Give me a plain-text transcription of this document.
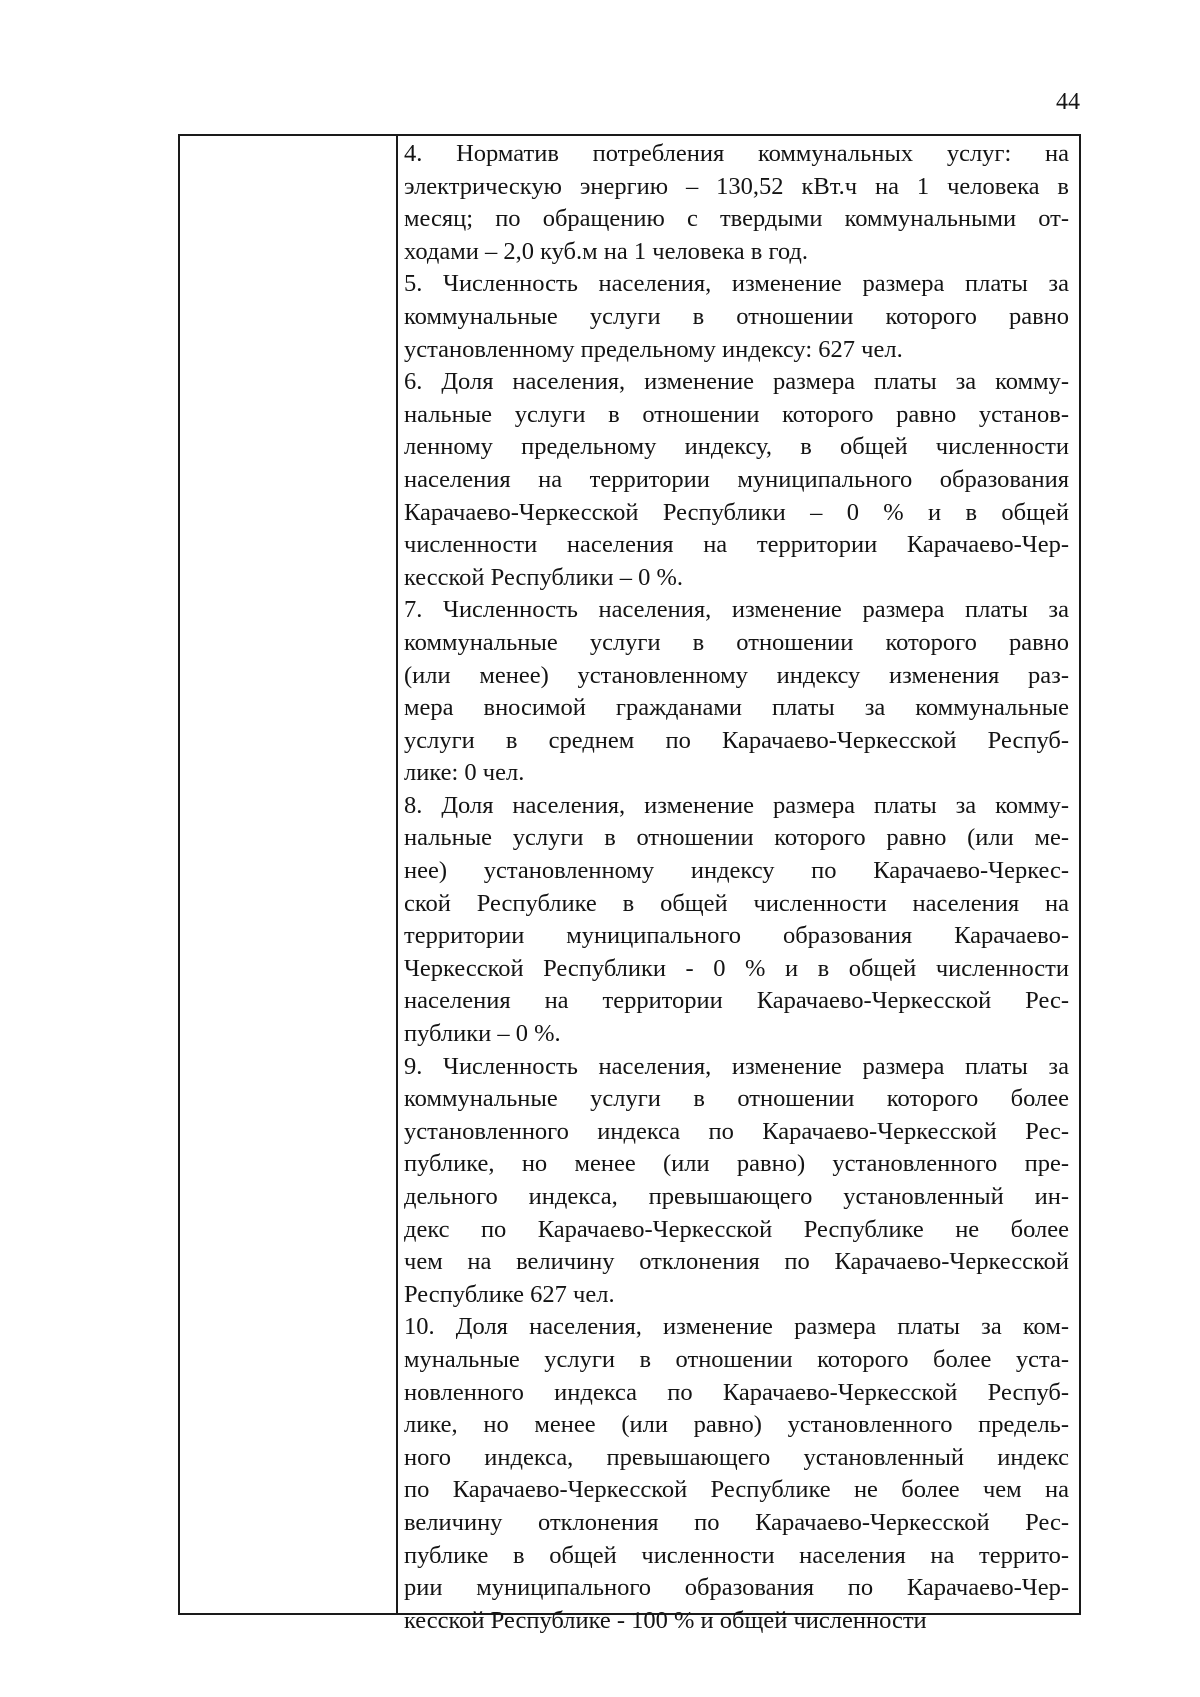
44

4. Норматив потребления коммунальных услуг: на
электрическую энергию – 130,52 кВт.ч на 1 человека в
месяц; по обращению с твердыми коммунальными от-
ходами – 2,0 куб.м на 1 человека в год.

5. Численность населения, изменение размера платы за
коммунальные услуги в отношении которого равно
установленному предельному индексу: 627 чел.

6. Доля населения, изменение размера платы за комму-
нальные услуги в отношении которого равно установ-
ленному предельному индексу, в общей численности
населения на территории муниципального образования
Карачаево-Черкесской Республики – 0 % и в общей
численности населения на территории Карачаево-Чер-
кесской Республики – 0 %.

7. Численность населения, изменение размера платы за
коммунальные услуги в отношении которого равно
(или менее) установленному индексу изменения раз-
мера вносимой гражданами платы за коммунальные
услуги в среднем по Карачаево-Черкесской Респуб-
лике: 0 чел.

8. Доля населения, изменение размера платы за комму-
нальные услуги в отношении которого равно (или ме-
нее) установленному индексу по Карачаево-Черкес-
ской Республике в общей численности населения на
территории муниципального образования Карачаево-
Черкесской Республики - 0 % и в общей численности
населения на территории Карачаево-Черкесской Рес-
публики – 0 %.

9. Численность населения, изменение размера платы за
коммунальные услуги в отношении которого более
установленного индекса по Карачаево-Черкесской Рес-
публике, но менее (или равно) установленного пре-
дельного индекса, превышающего установленный ин-
декс по Карачаево-Черкесской Республике не более
чем на величину отклонения по Карачаево-Черкесской
Республике 627 чел.

10. Доля населения, изменение размера платы за ком-
мунальные услуги в отношении которого более уста-
новленного индекса по Карачаево-Черкесской Респуб-
лике, но менее (или равно) установленного предель-
ного индекса, превышающего установленный индекс
по Карачаево-Черкесской Республике не более чем на
величину отклонения по Карачаево-Черкесской Рес-
публике в общей численности населения на террито-
рии муниципального образования по Карачаево-Чер-
кесской Республике - 100 % и общей численности
